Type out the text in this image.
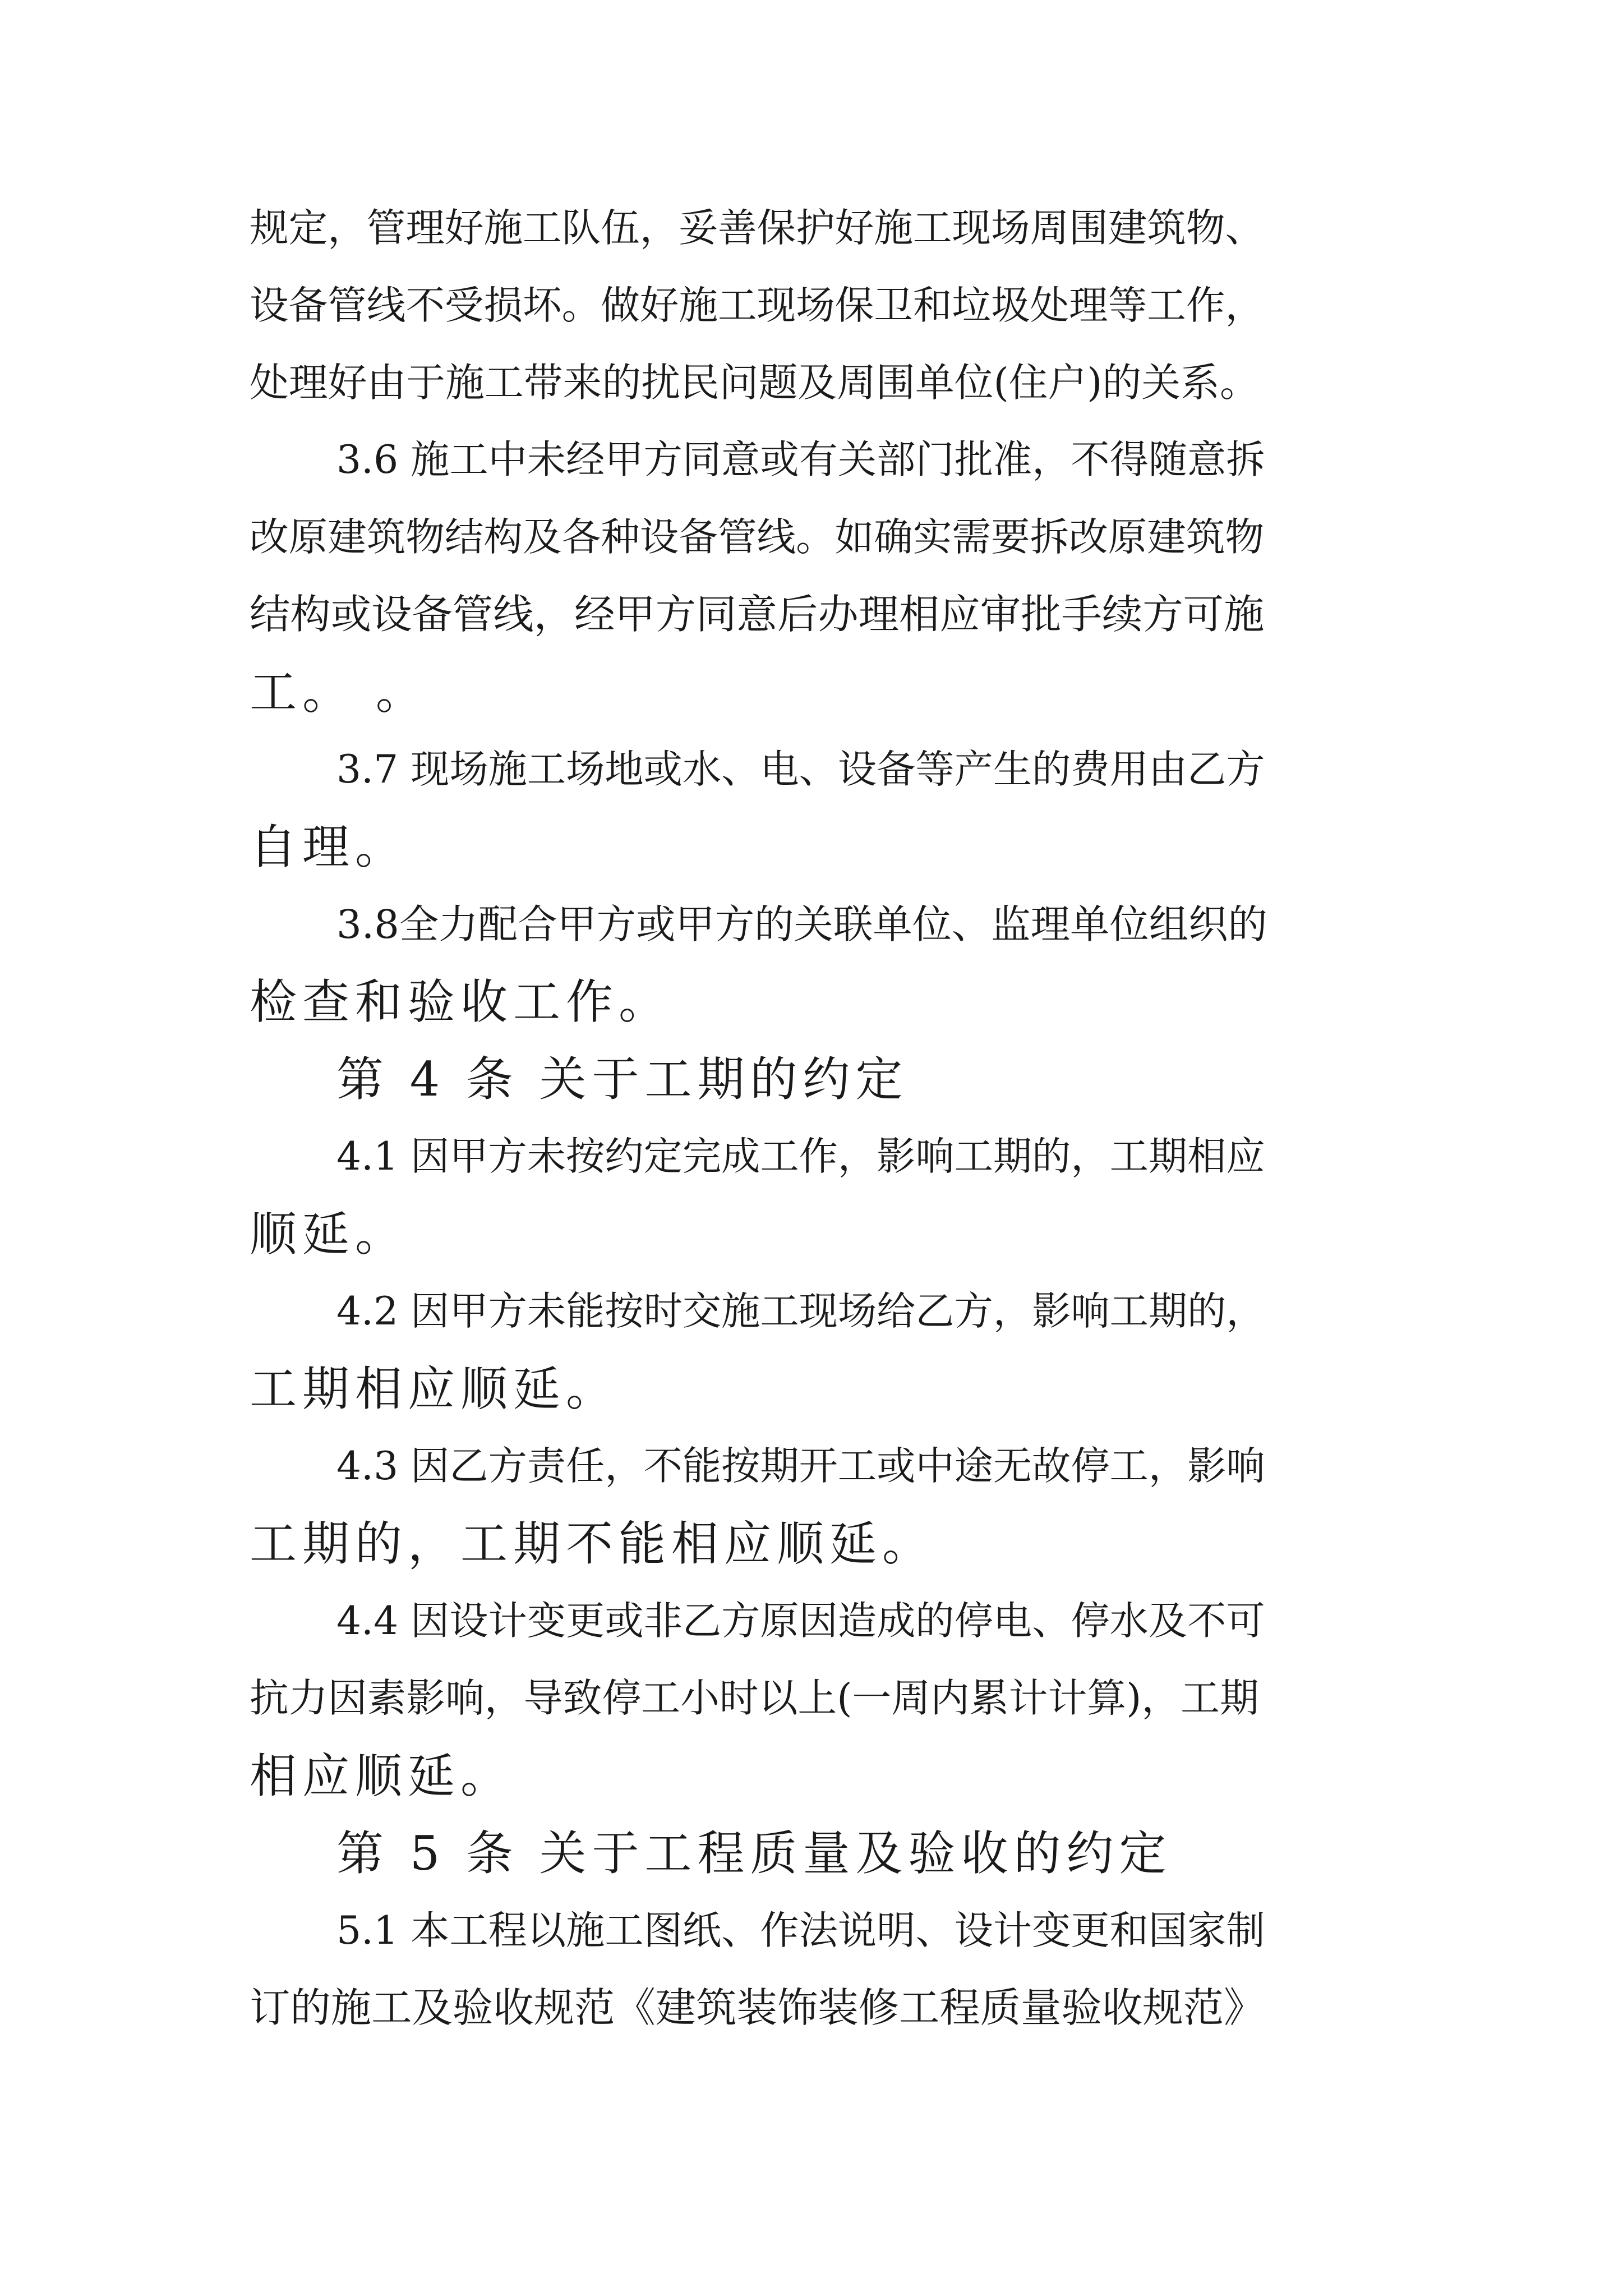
规定，管理好施工队伍，妥善保护好施工现场周围建筑物、
设备管线不受损坏。做好施工现场保卫和垃圾处理等工作，
处理好由于施工带来的扰民问题及周围单位(住户)的关系。
3.6 施工中未经甲方同意或有关部门批准，不得随意拆
改原建筑物结构及各种设备管线。如确实需要拆改原建筑物
结构或设备管线，经甲方同意后办理相应审批手续方可施
工。 。
3.7 现场施工场地或水、电、设备等产生的费用由乙方
自理。
3.8全力配合甲方或甲方的关联单位、监理单位组织的
检查和验收工作。
第 4 条 关于工期的约定
4.1 因甲方未按约定完成工作，影响工期的，工期相应
顺延。
4.2 因甲方未能按时交施工现场给乙方，影响工期的，
工期相应顺延。
4.3 因乙方责任，不能按期开工或中途无故停工，影响
工期的，工期不能相应顺延。
4.4 因设计变更或非乙方原因造成的停电、停水及不可
抗力因素影响，导致停工小时以上(一周内累计计算)，工期
相应顺延。
第 5 条 关于工程质量及验收的约定
5.1 本工程以施工图纸、作法说明、设计变更和国家制
订的施工及验收规范《建筑装饰装修工程质量验收规范》
